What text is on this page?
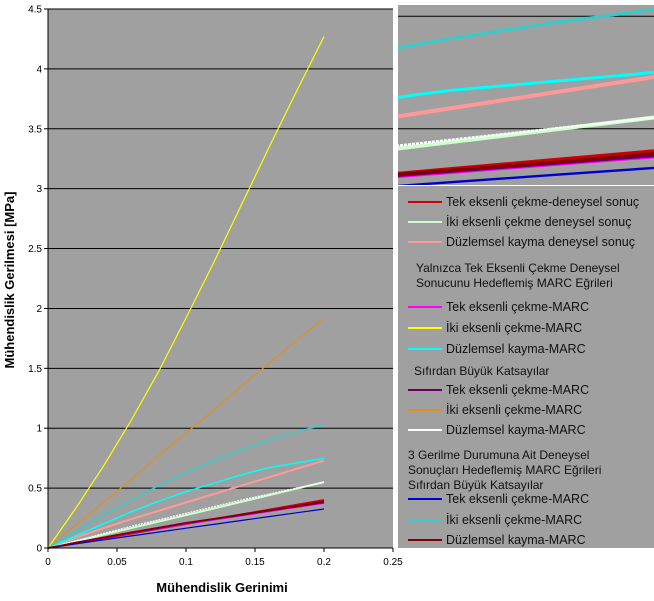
0	0.05	0.1	0.15	0.2	0.25
0
0.5
1
1.5
2
2.5
3
3.5
4
4.5
Mühendislik Gerinimi
Mühendislik Gerilmesi [MPa]	Tek eksenli çekme-deneysel sonuç
İki eksenli çekme deneysel sonuç
Düzlemsel kayma deneysel sonuç
Yalnızca Tek Eksenli Çekme Deneysel
Sonucunu Hedeflemiş MARC Eğrileri
Tek eksenli çekme-MARC
İki eksenli çekme-MARC
Düzlemsel kayma-MARC
Sıfırdan Büyük Katsayılar
Tek eksenli çekme-MARC
İki eksenli çekme-MARC
Düzlemsel kayma-MARC
3 Gerilme Durumuna Ait Deneysel
Sonuçları Hedeflemiş MARC Eğrileri
Sıfırdan Büyük Katsayılar
Tek eksenli çekme-MARC
İki eksenli çekme-MARC
Düzlemsel kayma-MARC
